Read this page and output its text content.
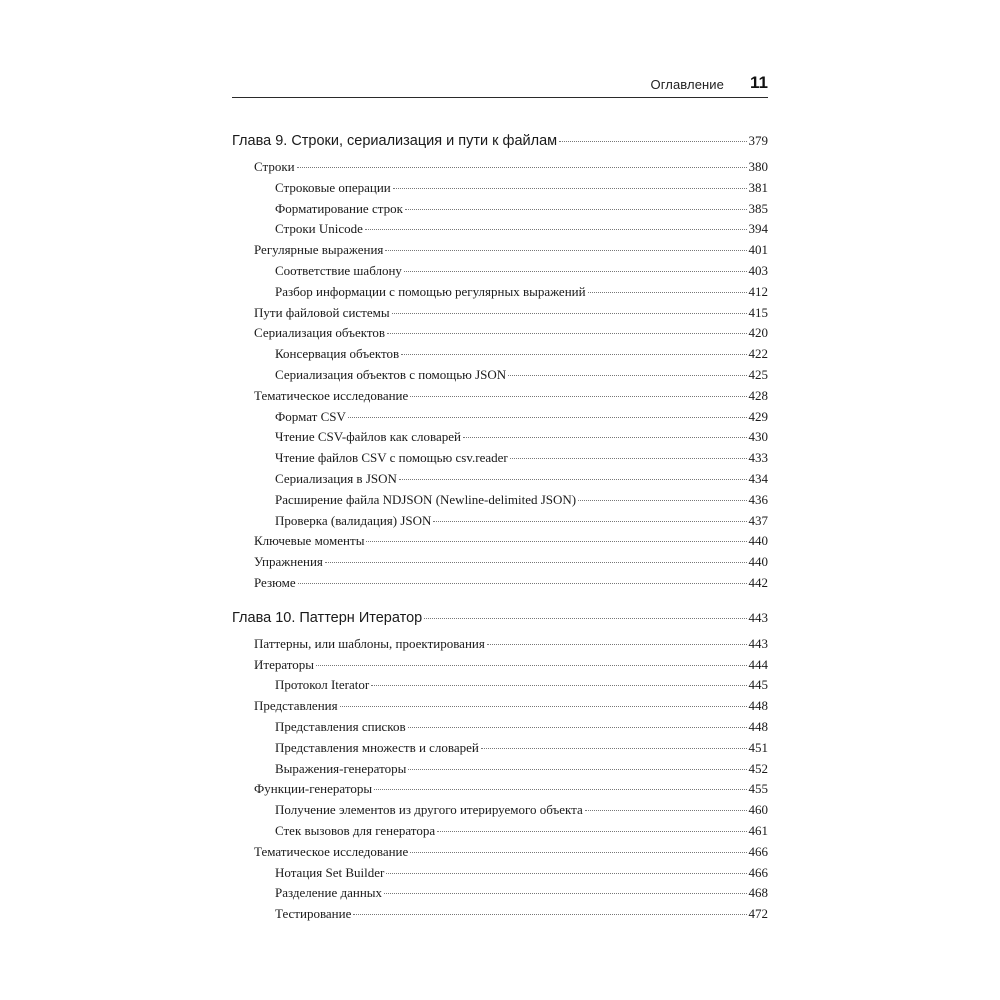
Оглавление 11
Глава 9. Строки, сериализация и пути к файлам	379
Строки	380
Строковые операции	381
Форматирование строк	385
Строки Unicode	394
Регулярные выражения	401
Соответствие шаблону	403
Разбор информации с помощью регулярных выражений	412
Пути файловой системы	415
Сериализация объектов	420
Консервация объектов	422
Сериализация объектов с помощью JSON	425
Тематическое исследование	428
Формат CSV	429
Чтение CSV-файлов как словарей	430
Чтение файлов CSV с помощью csv.reader	433
Сериализация в JSON	434
Расширение файла NDJSON (Newline-delimited JSON)	436
Проверка (валидация) JSON	437
Ключевые моменты	440
Упражнения	440
Резюме	442
Глава 10. Паттерн Итератор	443
Паттерны, или шаблоны, проектирования	443
Итераторы	444
Протокол Iterator	445
Представления	448
Представления списков	448
Представления множеств и словарей	451
Выражения-генераторы	452
Функции-генераторы	455
Получение элементов из другого итерируемого объекта	460
Стек вызовов для генератора	461
Тематическое исследование	466
Нотация Set Builder	466
Разделение данных	468
Тестирование	472
